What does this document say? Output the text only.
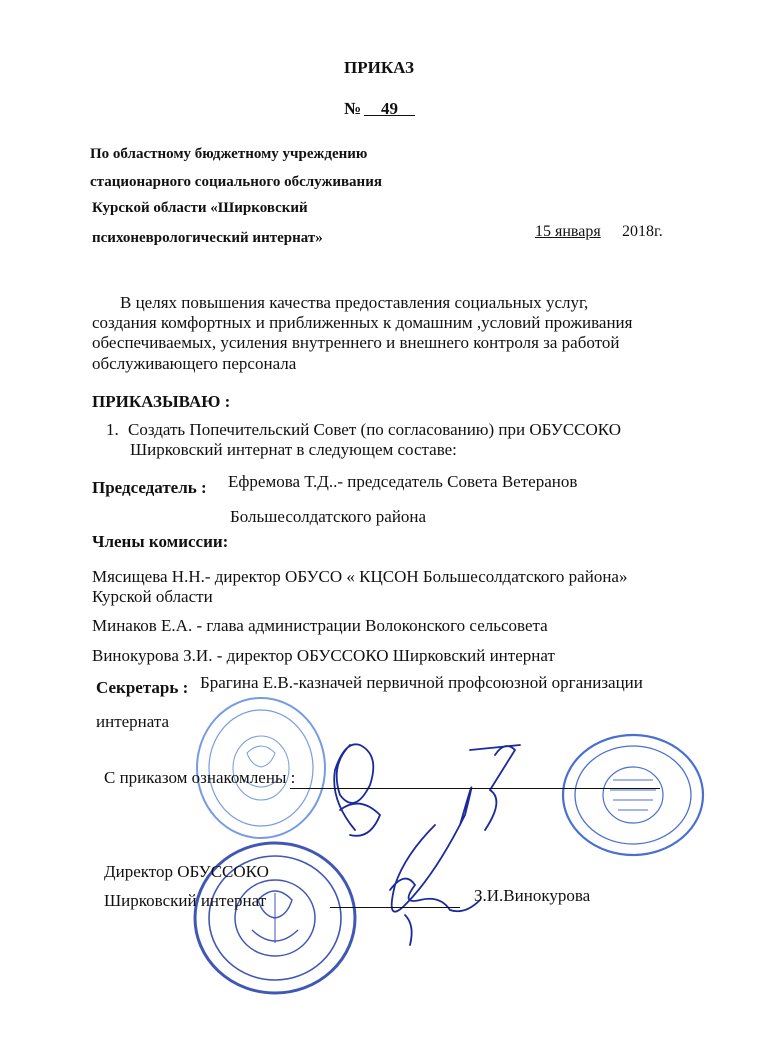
ПРИКАЗ
№	49
По областному бюджетному учреждению
стационарного социального обслуживания
Курской области «Ширковский
психоневрологический интернат»	15 января 2018г.
В целях повышения качества предоставления социальных услуг,
создания комфортных и приближенных к домашним ,условий проживания
обеспечиваемых, усиления внутреннего и внешнего контроля за работой
обслуживающего персонала
ПРИКАЗЫВАЮ :
1. Создать Попечительский Совет (по согласованию) при ОБУССОКО
Ширковский интернат в следующем составе:
Председатель : Ефремова Т.Д..- председатель Совета Ветеранов
Большесолдатского района
Члены комиссии:
Мясищева Н.Н.- директор ОБУСО « КЦСОН Большесолдатского района»
Курской области
Минаков Е.А. - глава администрации Волоконского сельсовета
Винокурова З.И. - директор ОБУССОКО Ширковский интернат
Секретарь : Брагина Е.В.-казначей первичной профсоюзной организации
интерната
С приказом ознакомлены :
Директор ОБУССОКО
Ширковский интернат	З.И.Винокурова
